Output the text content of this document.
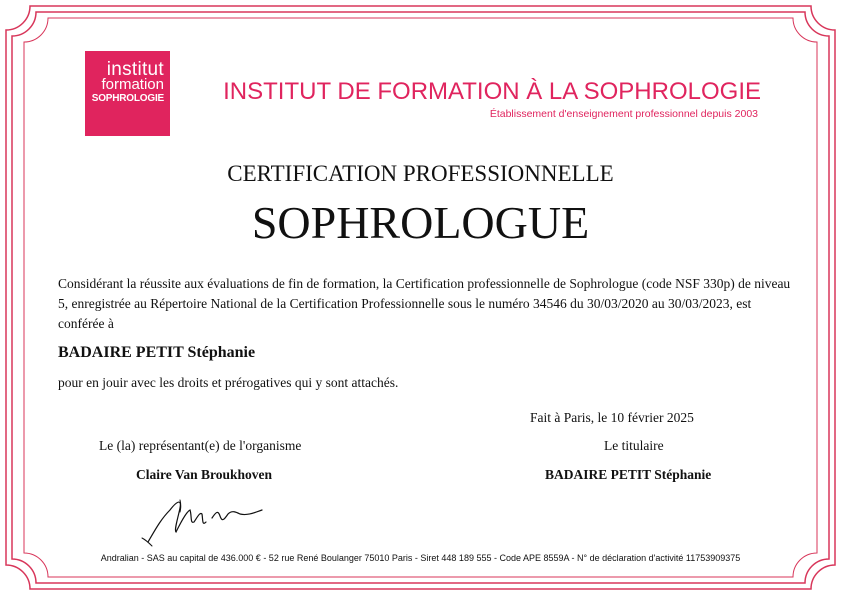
institut
formation
SOPHROLOGIE	INSTITUT DE FORMATION À LA SOPHROLOGIE
Établissement d'enseignement professionnel depuis 2003
CERTIFICATION PROFESSIONNELLE
SOPHROLOGUE
Considérant la réussite aux évaluations de fin de formation, la Certification professionnelle de Sophrologue (code NSF 330p) de niveau 5, enregistrée au Répertoire National de la Certification Professionnelle sous le numéro 34546 du 30/03/2020 au 30/03/2023, est conférée à
BADAIRE PETIT Stéphanie
pour en jouir avec les droits et prérogatives qui y sont attachés.
Fait à Paris, le 10 février 2025
Le (la) représentant(e) de l'organisme	Le titulaire
Claire Van Broukhoven	BADAIRE PETIT Stéphanie
Andralian - SAS au capital de 436.000 € - 52 rue René Boulanger 75010 Paris - Siret 448 189 555 - Code APE 8559A - N° de déclaration d'activité 11753909375
